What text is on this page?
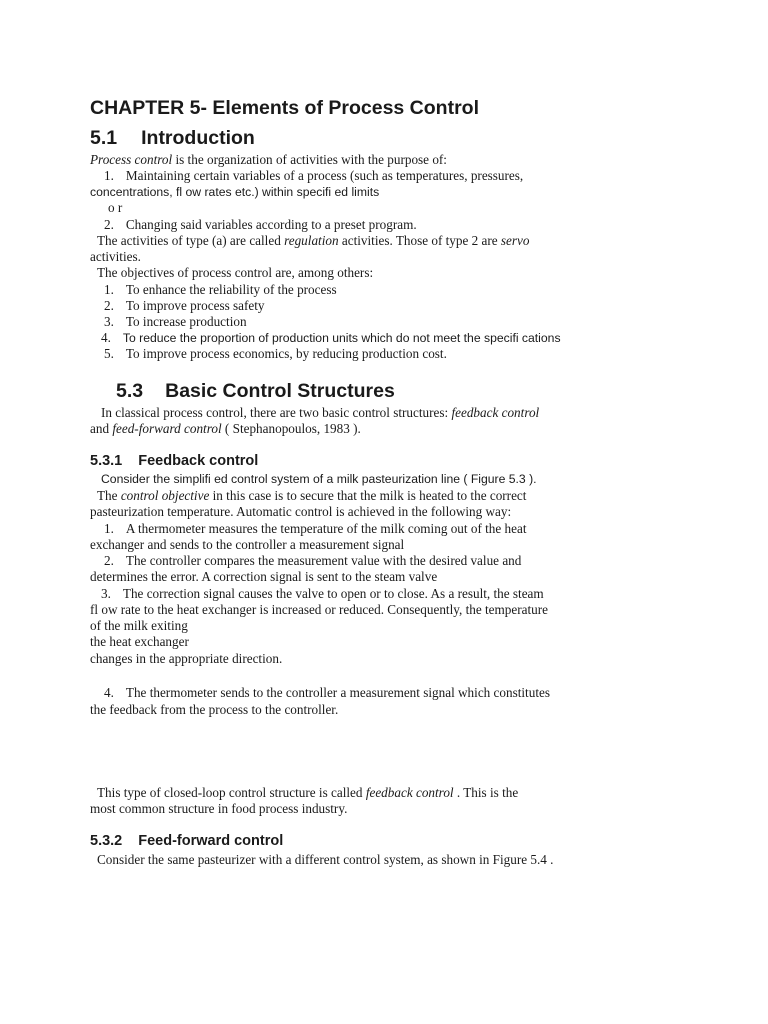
CHAPTER 5- Elements of Process Control
5.1 Introduction
Process control is the organization of activities with the purpose of:
1. Maintaining certain variables of a process (such as temperatures, pressures,
concentrations, fl ow rates etc.) within specifi ed limits
o r
2. Changing said variables according to a preset program.
The activities of type (a) are called regulation activities. Those of type 2 are servo
activities.
The objectives of process control are, among others:
1. To enhance the reliability of the process
2. To improve process safety
3. To increase production
4. To reduce the proportion of production units which do not meet the specifi cations
5. To improve process economics, by reducing production cost.
5.3 Basic Control Structures
In classical process control, there are two basic control structures: feedback control
and feed-forward control ( Stephanopoulos, 1983 ).
5.3.1 Feedback control
Consider the simplifi ed control system of a milk pasteurization line ( Figure 5.3 ).
The control objective in this case is to secure that the milk is heated to the correct
pasteurization temperature. Automatic control is achieved in the following way:
1. A thermometer measures the temperature of the milk coming out of the heat
exchanger and sends to the controller a measurement signal
2. The controller compares the measurement value with the desired value and
determines the error. A correction signal is sent to the steam valve
3. The correction signal causes the valve to open or to close. As a result, the steam
fl ow rate to the heat exchanger is increased or reduced. Consequently, the temperature
of the milk exiting
the heat exchanger
changes in the appropriate direction.
4. The thermometer sends to the controller a measurement signal which constitutes
the feedback from the process to the controller.
This type of closed-loop control structure is called feedback control . This is the
most common structure in food process industry.
5.3.2 Feed-forward control
Consider the same pasteurizer with a different control system, as shown in Figure 5.4 .
